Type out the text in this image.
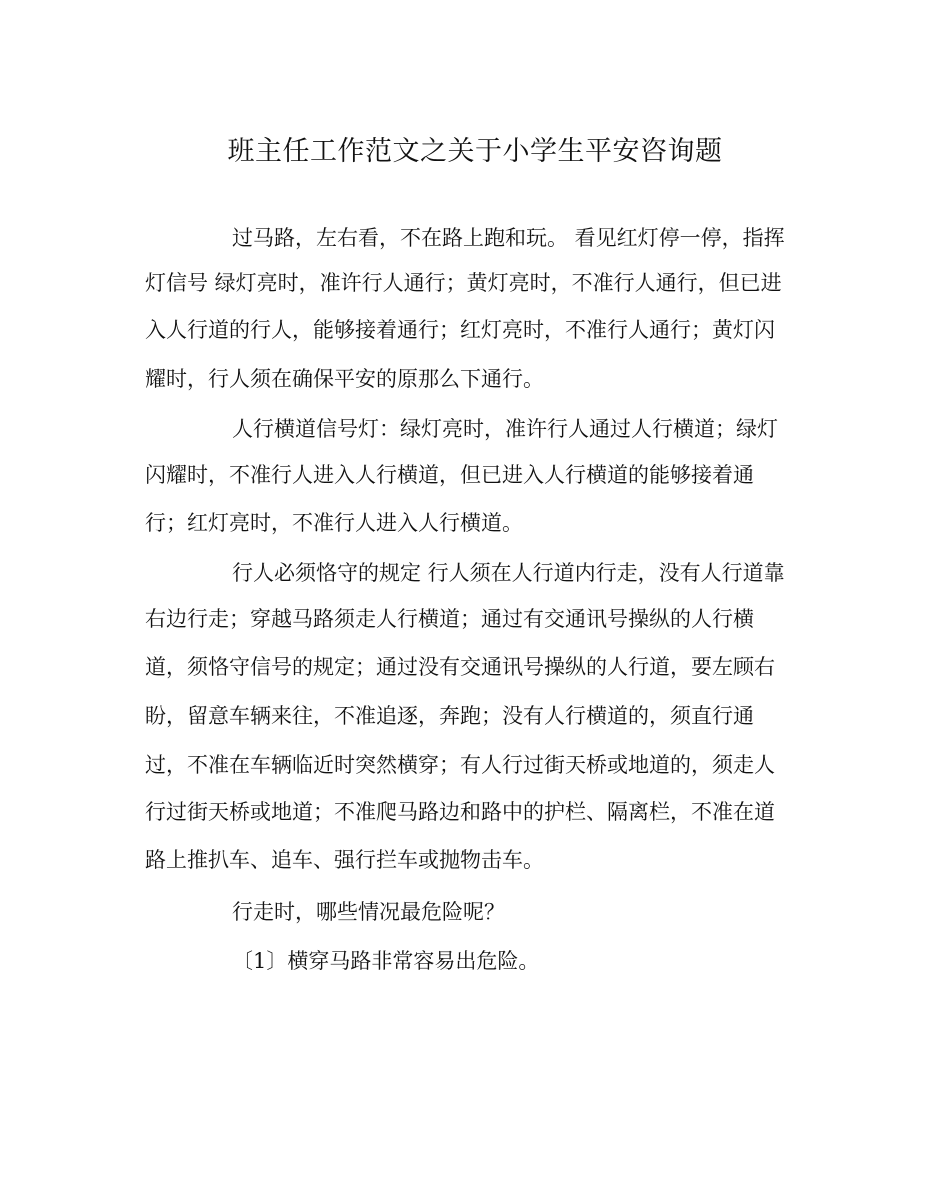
班主任工作范文之关于小学生平安咨询题
过马路，左右看，不在路上跑和玩。 看见红灯停一停，指挥
灯信号 绿灯亮时，准许行人通行；黄灯亮时，不准行人通行，但已进
入人行道的行人，能够接着通行；红灯亮时，不准行人通行；黄灯闪
耀时，行人须在确保平安的原那么下通行。
人行横道信号灯：绿灯亮时，准许行人通过人行横道；绿灯
闪耀时，不准行人进入人行横道，但已进入人行横道的能够接着通
行；红灯亮时，不准行人进入人行横道。
行人必须恪守的规定 行人须在人行道内行走，没有人行道靠
右边行走；穿越马路须走人行横道；通过有交通讯号操纵的人行横
道，须恪守信号的规定；通过没有交通讯号操纵的人行道，要左顾右
盼，留意车辆来往，不准追逐，奔跑；没有人行横道的，须直行通
过，不准在车辆临近时突然横穿；有人行过街天桥或地道的，须走人
行过街天桥或地道；不准爬马路边和路中的护栏、隔离栏，不准在道
路上推扒车、追车、强行拦车或抛物击车。
行走时，哪些情况最危险呢？
〔1〕横穿马路非常容易出危险。
